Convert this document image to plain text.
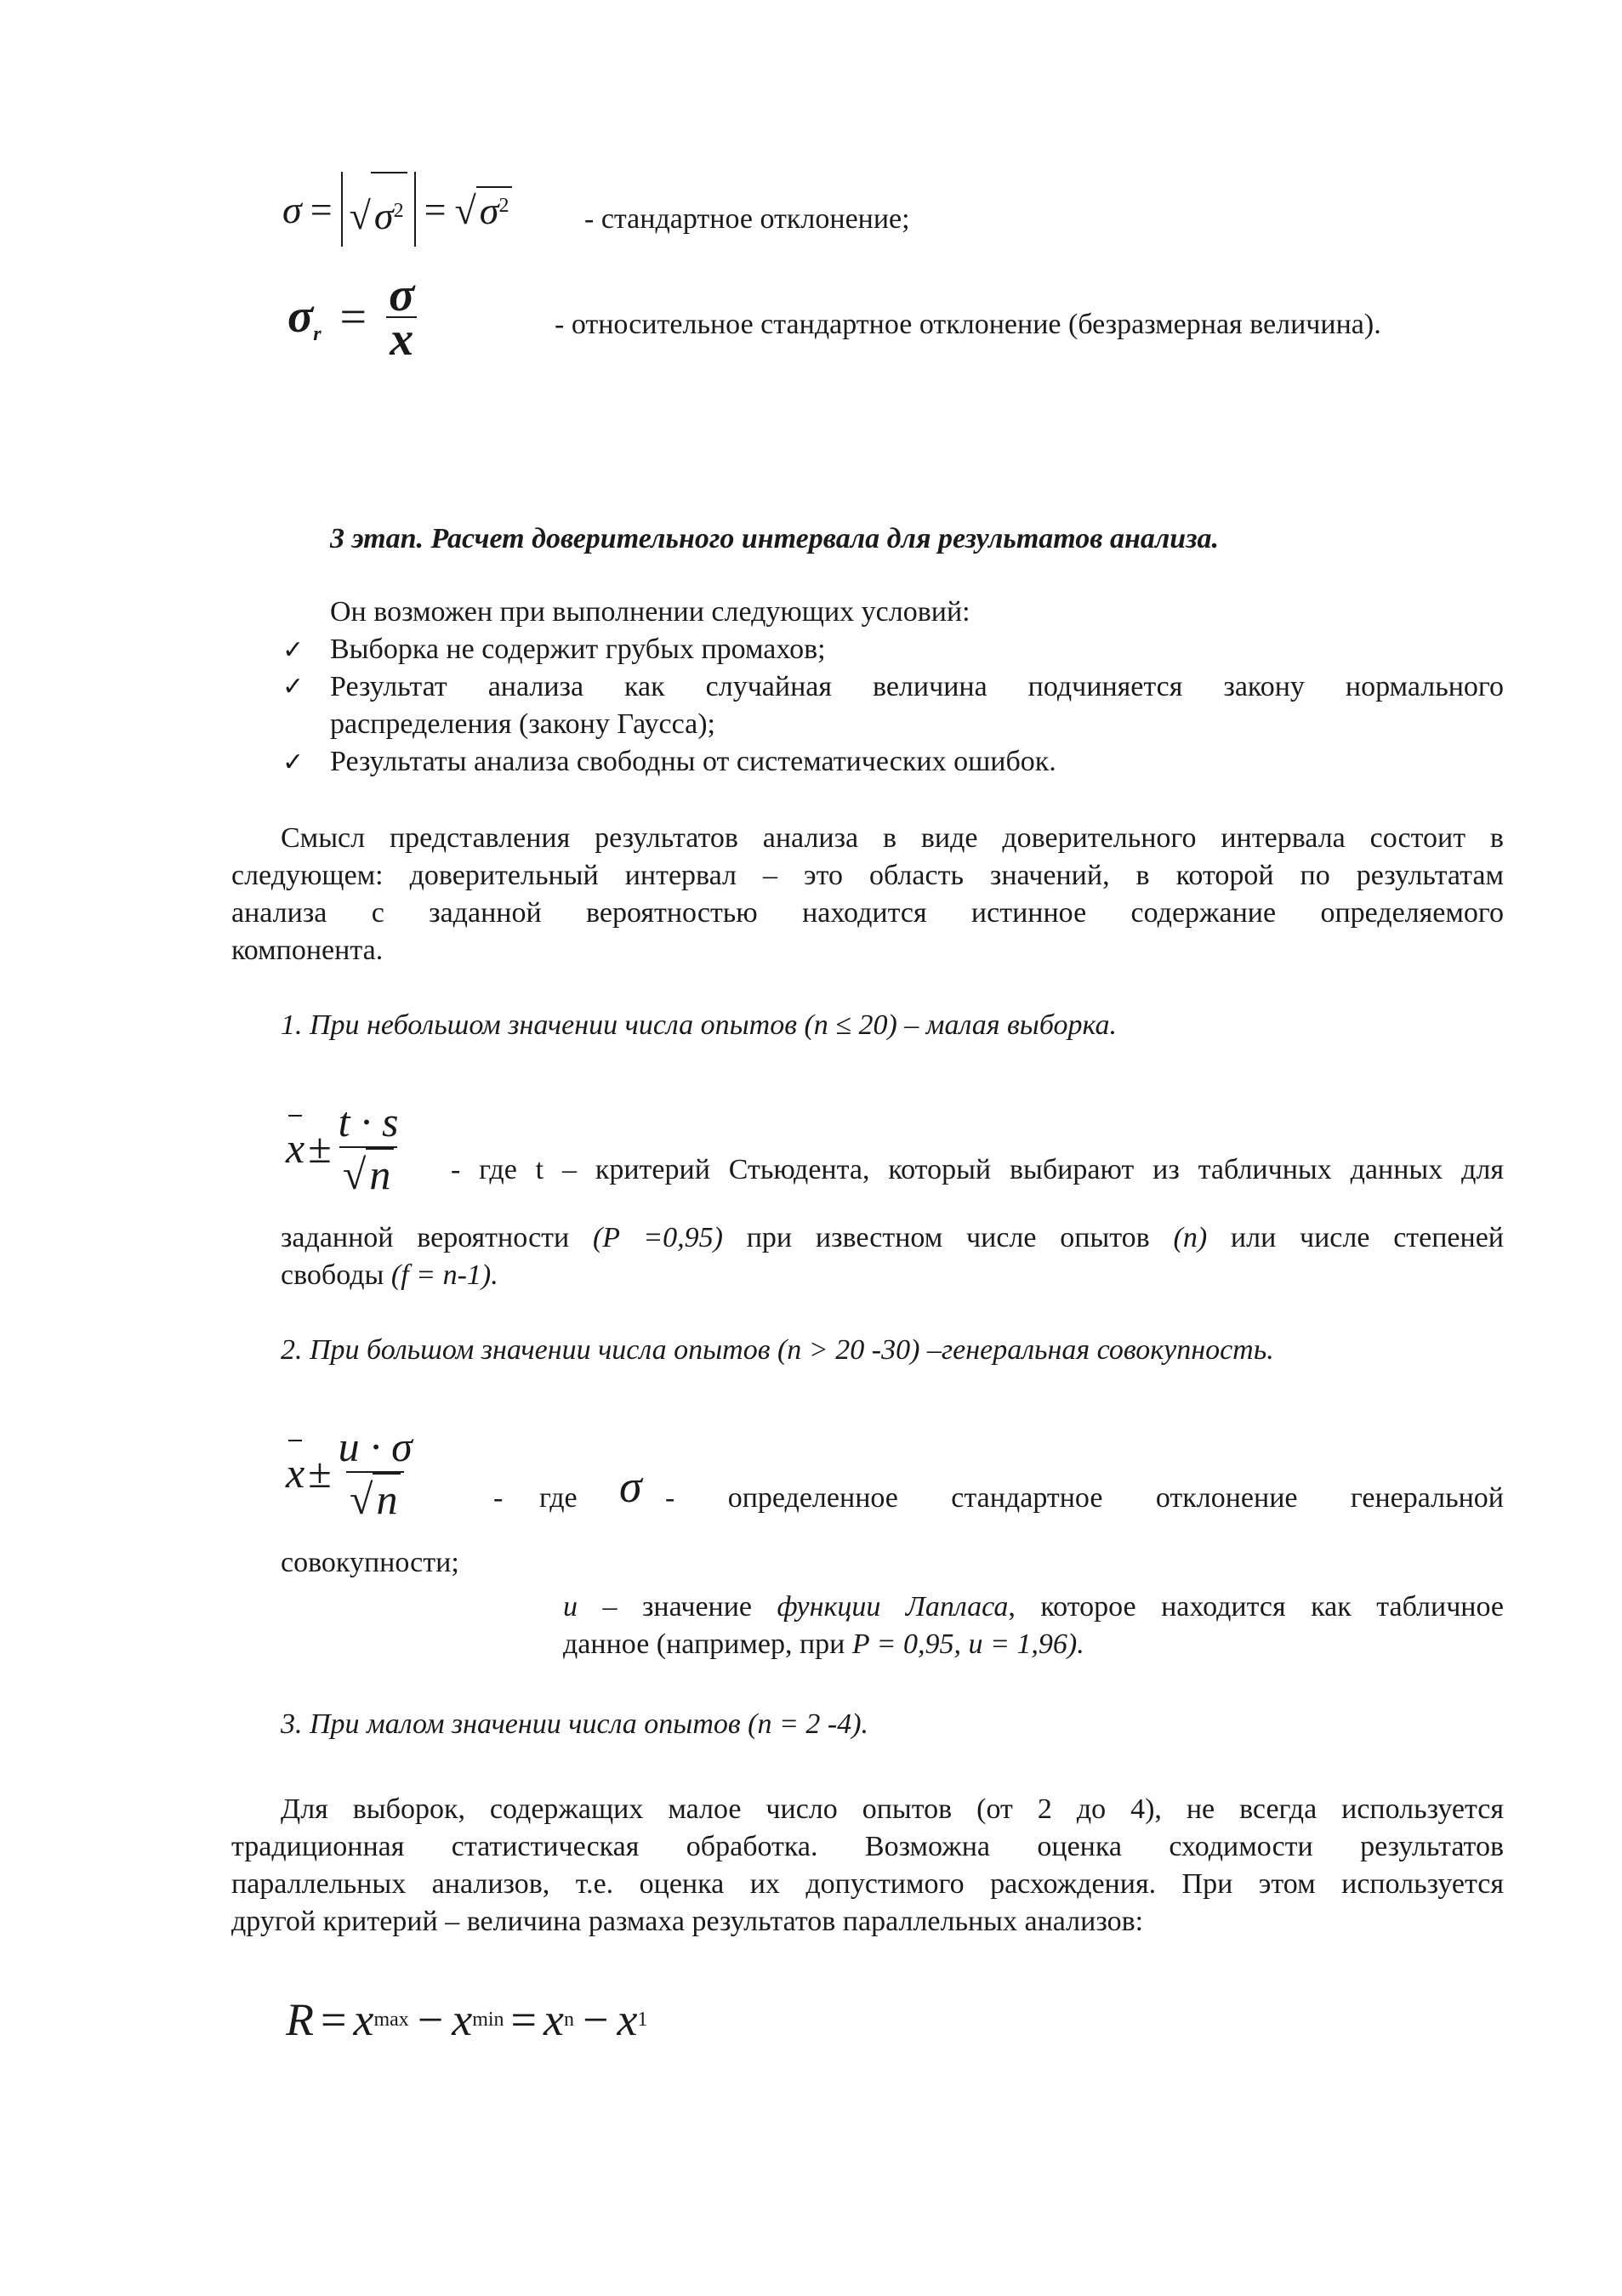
$\sigma = √\sigma^2 = √\sigma^2$	- стандартное отклонение;
$\sigma_r = \frac{\sigma}{x}$	- относительное стандартное отклонение (безразмерная величина).
3 этап. Расчет доверительного интервала для результатов анализа.
Он возможен при выполнении следующих условий:
✓ Выборка не содержит грубых промахов;
✓ Результат анализа как случайная величина подчиняется закону нормального
распределения (закону Гаусса);
✓ Результаты анализа свободны от систематических ошибок.
Смысл представления результатов анализа в виде доверительного интервала состоит в
следующем: доверительный интервал – это область значений, в которой по результатам
анализа с заданной вероятностью находится истинное содержание определяемого
компонента.
1. При небольшом значении числа опытов (n ≤ 20) – малая выборка.
$x \pm \frac{t \cdot s}{√n}$ - где t – критерий Стьюдента, который выбирают из табличных данных для
заданной вероятности (P =0,95) при известном числе опытов (n) или числе степеней
свободы (f = n-1).
2. При большом значении числа опытов (n > 20 -30) –генеральная совокупность.
$x \pm \frac{u \cdot \sigma}{√n}$	- где σ - определенное стандартное отклонение генеральной
совокупности;
u – значение функции Лапласа, которое находится как табличное
данное (например, при P = 0,95, u = 1,96).
3. При малом значении числа опытов (n = 2 -4).
Для выборок, содержащих малое число опытов (от 2 до 4), не всегда используется
традиционная статистическая обработка. Возможна оценка сходимости результатов
параллельных анализов, т.е. оценка их допустимого расхождения. При этом используется
другой критерий – величина размаха результатов параллельных анализов:
R = x max − x min = x n − x 1
